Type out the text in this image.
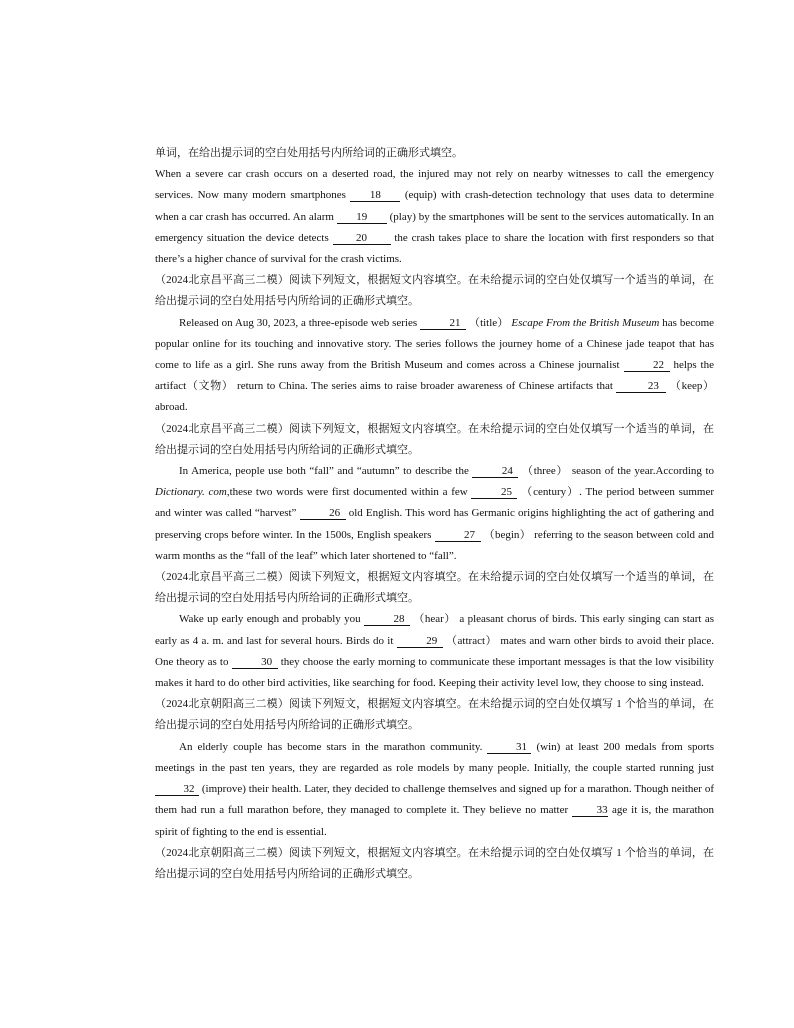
单词，在给出提示词的空白处用括号内所给词的正确形式填空。

When a severe car crash occurs on a deserted road, the injured may not rely on nearby witnesses to call the emergency services. Now many modern smartphones 18 (equip) with crash-detection technology that uses data to determine when a car crash has occurred. An alarm 19 (play) by the smartphones will be sent to the services automatically. In an emergency situation the device detects 20 the crash takes place to share the location with first responders so that there’s a higher chance of survival for the crash victims.

（2024北京昌平高三二模）阅读下列短文，根据短文内容填空。在未给提示词的空白处仅填写一个适当的单词，在给出提示词的空白处用括号内所给词的正确形式填空。

Released on Aug 30, 2023, a three-episode web series	21 （title） Escape From the British Museum has become popular online for its touching and innovative story. The series follows the journey home of a Chinese jade teapot that has come to life as a girl. She runs away from the British Museum and comes across a Chinese journalist	22 helps the artifact（文物） return to China. The series aims to raise broader awareness of Chinese artifacts that	23 （keep） abroad.

（2024北京昌平高三二模）阅读下列短文，根据短文内容填空。在未给提示词的空白处仅填写一个适当的单词，在给出提示词的空白处用括号内所给词的正确形式填空。

In America, people use both “fall” and “autumn” to describe the	24 （three） season of the year.According to Dictionary. com,these two words were first documented within a few	25 （century）. The period between summer and winter was called “harvest”	26 old English. This word has Germanic origins highlighting the act of gathering and preserving crops before winter. In the 1500s, English speakers	27 （begin） referring to the season between cold and warm months as the “fall of the leaf” which later shortened to “fall”.

（2024北京昌平高三二模）阅读下列短文，根据短文内容填空。在未给提示词的空白处仅填写一个适当的单词，在给出提示词的空白处用括号内所给词的正确形式填空。

Wake up early enough and probably you	28 （hear） a pleasant chorus of birds. This early singing can start as early as 4 a. m. and last for several hours. Birds do it	29 （attract） mates and warn other birds to avoid their place. One theory as to	30 they choose the early morning to communicate these important messages is that the low visibility makes it hard to do other bird activities, like searching for food. Keeping their activity level low, they choose to sing instead.

（2024北京朝阳高三二模）阅读下列短文，根据短文内容填空。在未给提示词的空白处仅填写 1 个恰当的单词，在给出提示词的空白处用括号内所给词的正确形式填空。

An elderly couple has become stars in the marathon community.	31 (win) at least 200 medals from sports meetings in the past ten years, they are regarded as role models by many people. Initially, the couple started running just 32 (improve) their health. Later, they decided to challenge themselves and signed up for a marathon. Though neither of them had run a full marathon before, they managed to complete it. They believe no matter	33 age it is, the marathon spirit of fighting to the end is essential.

（2024北京朝阳高三二模）阅读下列短文，根据短文内容填空。在未给提示词的空白处仅填写 1 个恰当的单词，在给出提示词的空白处用括号内所给词的正确形式填空。
